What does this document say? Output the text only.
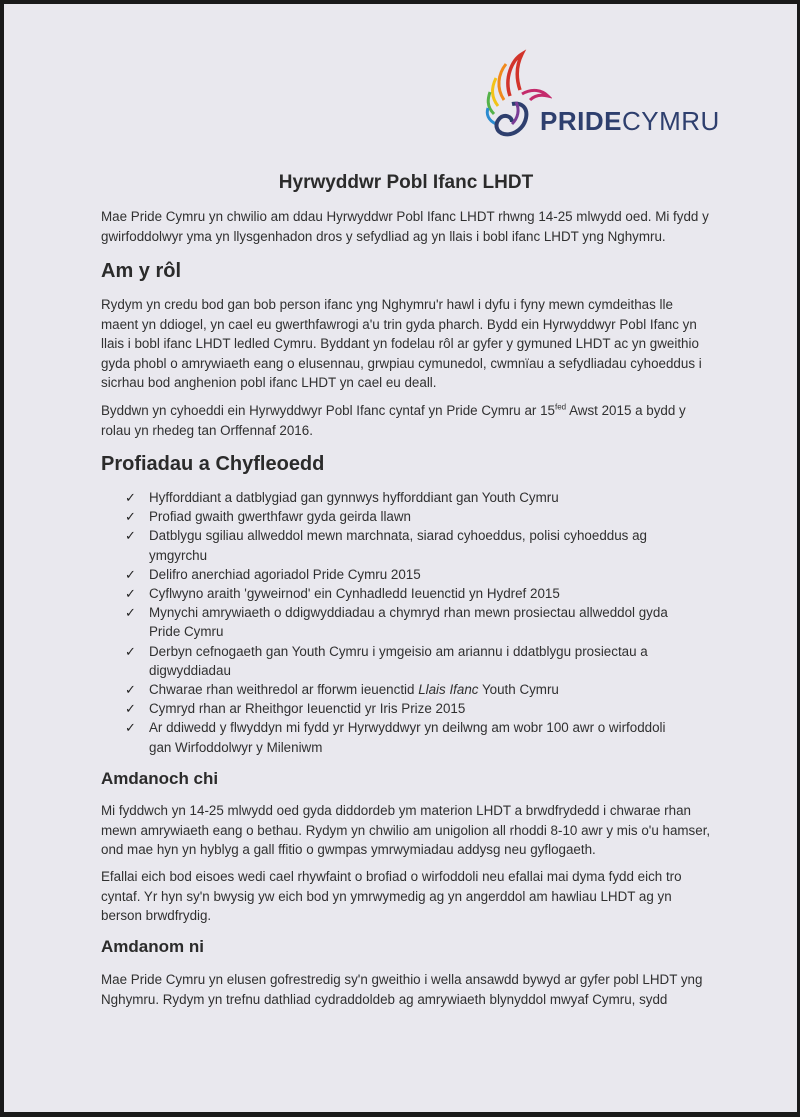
PRIDECYMRU
Hyrwyddwr Pobl Ifanc LHDT

Mae Pride Cymru yn chwilio am ddau Hyrwyddwr Pobl Ifanc LHDT rhwng 14-25 mlwydd oed. Mi fydd y gwirfoddolwyr yma yn llysgenhadon dros y sefydliad ag yn llais i bobl ifanc LHDT yng Nghymru.

Am y rôl

Rydym yn credu bod gan bob person ifanc yng Nghymru'r hawl i dyfu i fyny mewn cymdeithas lle maent yn ddiogel, yn cael eu gwerthfawrogi a'u trin gyda pharch. Bydd ein Hyrwyddwyr Pobl Ifanc yn llais i bobl ifanc LHDT ledled Cymru. Byddant yn fodelau rôl ar gyfer y gymuned LHDT ac yn gweithio gyda phobl o amrywiaeth eang o elusennau, grwpiau cymunedol, cwmnïau a sefydliadau cyhoeddus i sicrhau bod anghenion pobl ifanc LHDT yn cael eu deall.

Byddwn yn cyhoeddi ein Hyrwyddwyr Pobl Ifanc cyntaf yn Pride Cymru ar $15^{fed}$ Awst 2015 a bydd y rolau yn rhedeg tan Orffennaf 2016.

Profiadau a Chyfleoedd
✓ Hyfforddiant a datblygiad gan gynnwys hyfforddiant gan Youth Cymru
✓ Profiad gwaith gwerthfawr gyda geirda llawn
✓ Datblygu sgiliau allweddol mewn marchnata, siarad cyhoeddus, polisi cyhoeddus ag ymgyrchu
✓ Delifro anerchiad agoriadol Pride Cymru 2015
✓ Cyflwyno araith 'gyweirnod' ein Cynhadledd Ieuenctid yn Hydref 2015
✓ Mynychi amrywiaeth o ddigwyddiadau a chymryd rhan mewn prosiectau allweddol gyda Pride Cymru
✓ Derbyn cefnogaeth gan Youth Cymru i ymgeisio am ariannu i ddatblygu prosiectau a digwyddiadau
✓ Chwarae rhan weithredol ar fforwm ieuenctid Llais Ifanc Youth Cymru
✓ Cymryd rhan ar Rheithgor Ieuenctid yr Iris Prize 2015
✓ Ar ddiwedd y flwyddyn mi fydd yr Hyrwyddwyr yn deilwng am wobr 100 awr o wirfoddoli gan Wirfoddolwyr y Mileniwm
Amdanoch chi

Mi fyddwch yn 14-25 mlwydd oed gyda diddordeb ym materion LHDT a brwdfrydedd i chwarae rhan mewn amrywiaeth eang o bethau. Rydym yn chwilio am unigolion all rhoddi 8-10 awr y mis o'u hamser, ond mae hyn yn hyblyg a gall ffitio o gwmpas ymrwymiadau addysg neu gyflogaeth.

Efallai eich bod eisoes wedi cael rhywfaint o brofiad o wirfoddoli neu efallai mai dyma fydd eich tro cyntaf. Yr hyn sy'n bwysig yw eich bod yn ymrwymedig ag yn angerddol am hawliau LHDT ag yn berson brwdfrydig.

Amdanom ni

Mae Pride Cymru yn elusen gofrestredig sy'n gweithio i wella ansawdd bywyd ar gyfer pobl LHDT yng Nghymru. Rydym yn trefnu dathliad cydraddoldeb ag amrywiaeth blynyddol mwyaf Cymru, sydd
